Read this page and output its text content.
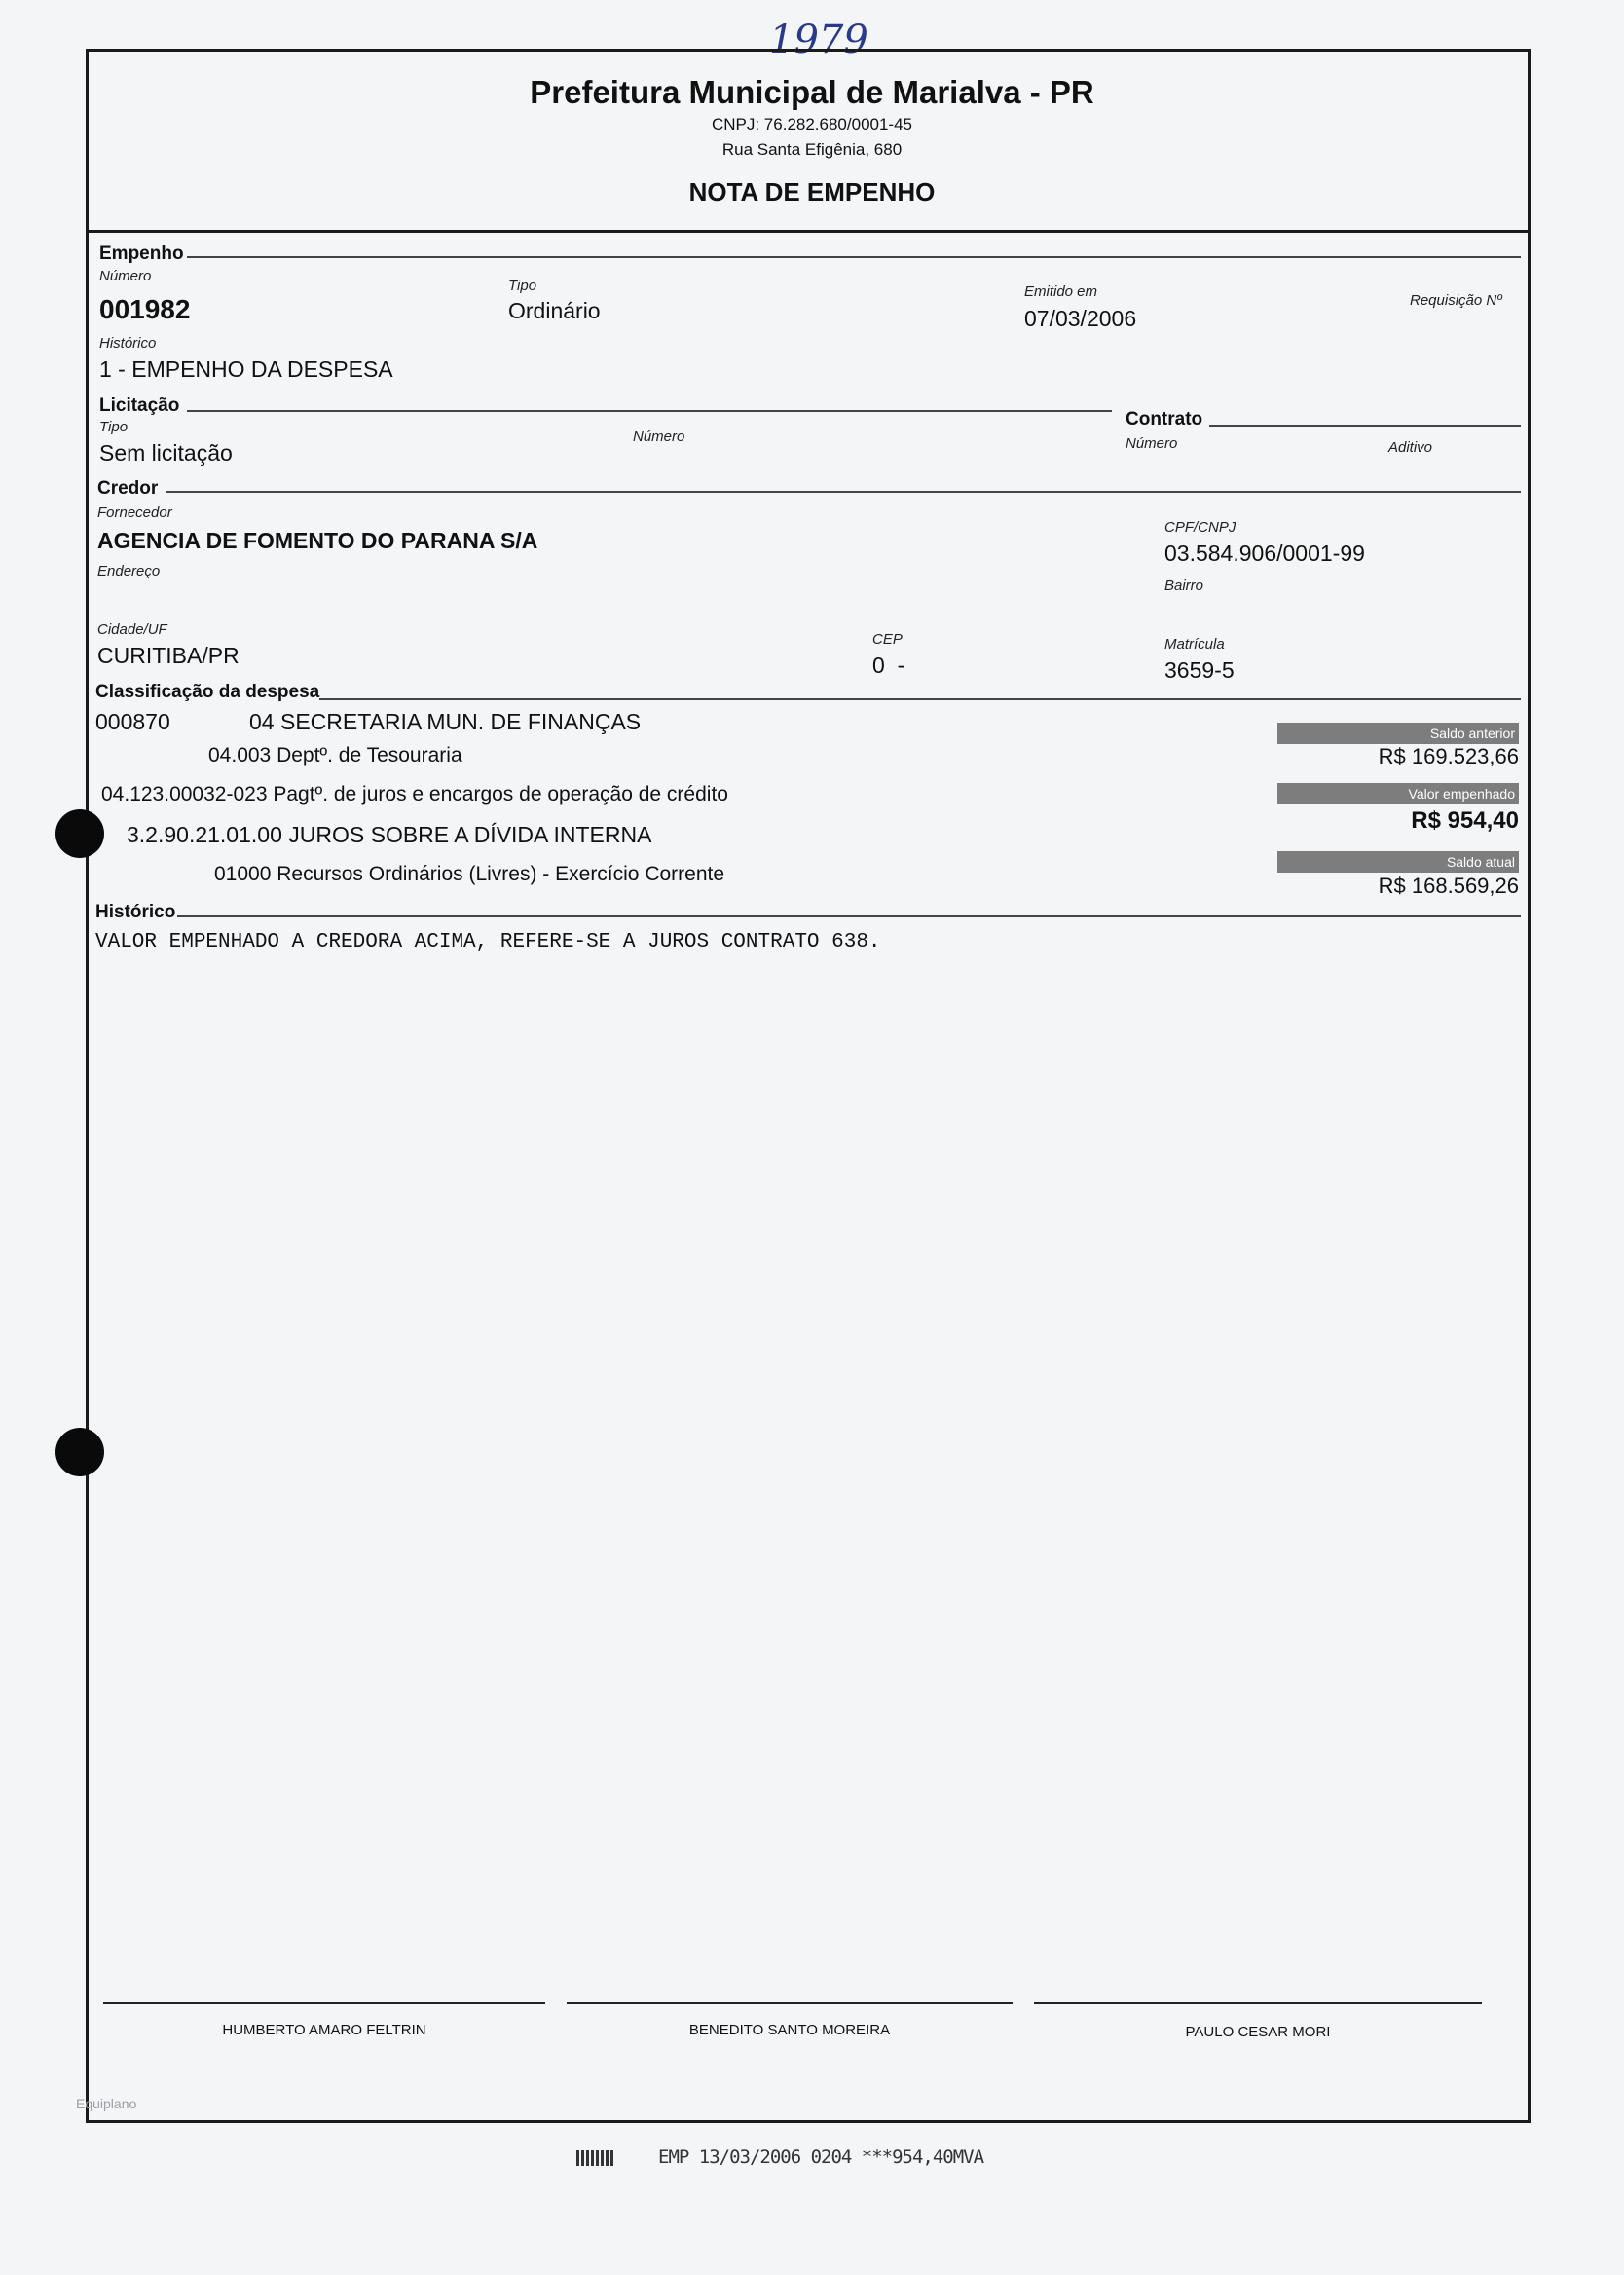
1979
Prefeitura Municipal de Marialva - PR
CNPJ: 76.282.680/0001-45
Rua Santa Efigênia, 680
NOTA DE EMPENHO
Empenho
Número
001982
Tipo
Ordinário
Emitido em
07/03/2006
Requisição Nº
Histórico
1 - EMPENHO DA DESPESA
Licitação
Tipo
Sem licitação
Número
Contrato
Número	Aditivo
Credor
Fornecedor
AGENCIA DE FOMENTO DO PARANA S/A
CPF/CNPJ
03.584.906/0001-99
Endereço
Bairro
Cidade/UF
CURITIBA/PR
CEP
0  -
Matrícula
3659-5
Classificação da despesa
000870	04 SECRETARIA MUN. DE FINANÇAS
04.003 Deptº. de Tesouraria
04.123.00032-023 Pagtº. de juros e encargos de operação de crédito
3.2.90.21.01.00 JUROS SOBRE A DÍVIDA INTERNA
01000 Recursos Ordinários (Livres) - Exercício Corrente
Saldo anterior
R$ 169.523,66
Valor empenhado
R$ 954,40
Saldo atual
R$ 168.569,26
Histórico
VALOR EMPENHADO A CREDORA ACIMA, REFERE-SE A JUROS CONTRATO 638.
HUMBERTO AMARO FELTRIN	BENEDITO SANTO MOREIRA	PAULO CESAR MORI
Equiplano
EMP 13/03/2006 0204 ***954,40MVA
